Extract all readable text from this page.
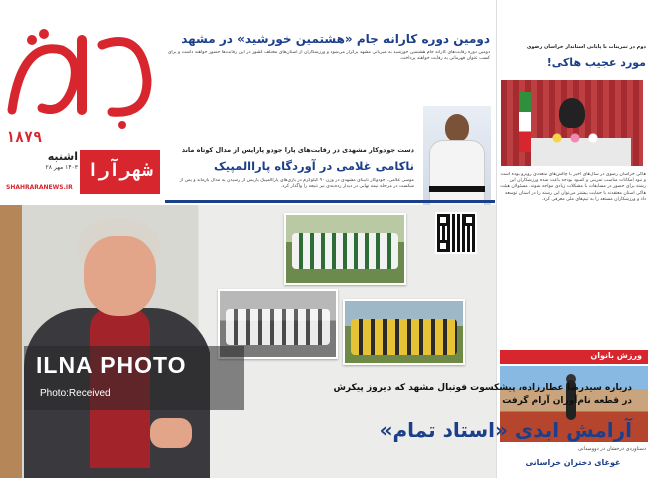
۱۸۷۹
اشنبه
۱۴۰۳ مهر ۲۸
SHAHRARANEWS.IR
شهرآرا
دومین دوره کارانه جام «هشتمین خورشید» در مشهد
دومین دوره رقابت‌های کارانه جام هشتمین خورشید به میزبانی مشهد برگزار می‌شود و ورزشکاران از استان‌های مختلف کشور در این رقابت‌ها حضور خواهند داشت و برای کسب عنوان قهرمانی به رقابت خواهند پرداخت.
دست جودوکار مشهدی در رقابت‌های پارا جودو پارایس از مدال کوتاه ماند
ناکامی غلامی در آوردگاه پاراالمپیک
موسی غلامی، جودوکار نابینای مشهدی در وزن ۹۰ کیلوگرم در بازی‌های پاراالمپیک پاریس از رسیدن به مدال بازماند و پس از شکست در مرحله نیمه نهایی در دیدار رده‌بندی نیز نتیجه را واگذار کرد.
دوم در تمرینات با پایانی استاندار خراسان رضوی
مورد عجیب هاکی!
هاکی خراسان رضوی در سال‌های اخیر با چالش‌های متعددی روبرو بوده است و نبود امکانات مناسب تمرینی و کمبود بودجه باعث شده ورزشکاران این رشته برای حضور در مسابقات با مشکلات زیادی مواجه شوند. مسئولان هیئت هاکی استان معتقدند با حمایت بیشتر می‌توان این رشته را در استان توسعه داد و ورزشکاران مستعد را به تیم‌های ملی معرفی کرد.
ورزش بانوان
دستاوردی درخشان در دوومیدانی
غوغای دختران خراسانی
ILNA PHOTO
Photo:Received	درباره سیدرضا عطارزاده، پیشکسوت فوتبال مشهد که دیروز پیکرش در قطعه نام‌آوران آرام گرفت
آرامش ابدی «استاد تمام»
